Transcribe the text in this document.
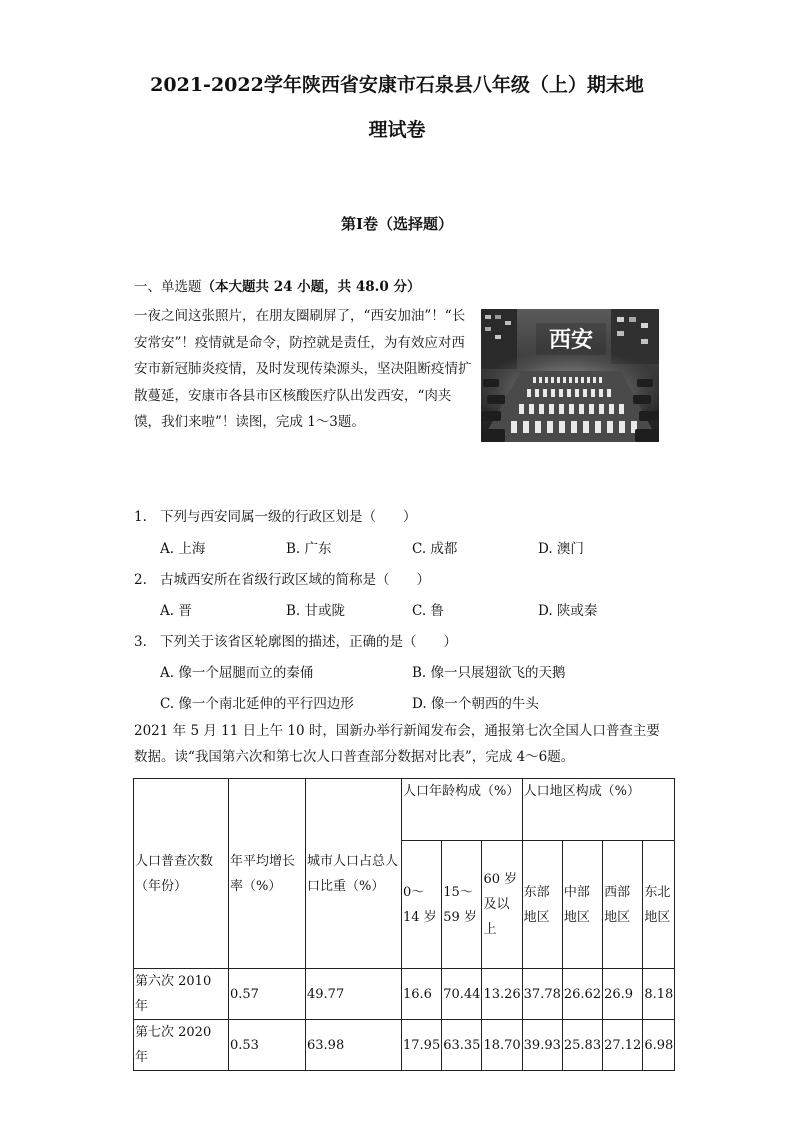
2021-2022学年陕西省安康市石泉县八年级（上）期末地
理试卷
第I卷（选择题）
一、单选题（本大题共 24 小题，共 48.0 分）
一夜之间这张照片，在朋友圈刷屏了，“西安加油”！“长安常安”！疫情就是命令，防控就是责任，为有效应对西安市新冠肺炎疫情，及时发现传染源头，坚决阻断疫情扩散蔓延，安康市各县市区核酸医疗队出发西安，“肉夹馍，我们来啦”！读图，完成 1～3题。
西安
1. 下列与西安同属一级的行政区划是（　　）
A. 上海	B. 广东	C. 成都	D. 澳门
2. 古城西安所在省级行政区域的简称是（　　）
A. 晋	B. 甘或陇	C. 鲁	D. 陕或秦
3. 下列关于该省区轮廓图的描述，正确的是（　　）
A. 像一个屈腿而立的秦俑	B. 像一只展翅欲飞的天鹅
C. 像一个南北延伸的平行四边形	D. 像一个朝西的牛头
2021 年 5 月 11 日上午 10 时，国新办举行新闻发布会，通报第七次全国人口普查主要数据。读“我国第六次和第七次人口普查部分数据对比表”，完成 4～6题。
人口普查次数（年份）	年平均增长率（%）	城市人口占总人口比重（%）	人口年龄构成（%）			人口地区构成（%）			
			0～14 岁	15～59 岁	60 岁及以上	东部地区	中部地区	西部地区	东北地区
第六次 2010 年	0.57	49.77	16.6	70.44	13.26	37.78	26.62	26.9	8.18
第七次 2020 年	0.53	63.98	17.95	63.35	18.70	39.93	25.83	27.12	6.98
